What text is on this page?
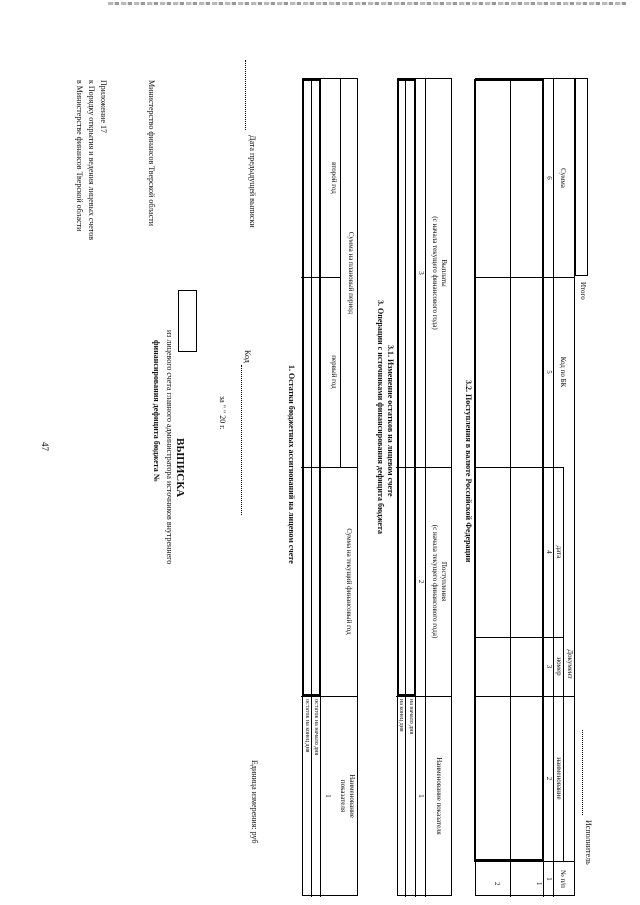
47
Приложение 17
к Порядку открытия и ведения лицевых счетов
в Министерстве финансов Тверской области	Министерство финансов Тверской области
ВЫПИСКА
из лицевого счета главного администратора источников внутреннего
финансирования дефицита бюджета №	за " " 20 г.
Код
Дата предыдущей выписки
Единица измерения: руб
1. Остатки бюджетных ассигнований на лицевом счете
Наименование
показателя
1
Сумма на текущий финансовый год
Сумма на плановый период
первый год
второй год
остаток на начало дня
остаток на конец дня
3. Операции с источниками финансирования дефицита бюджета 3.1. Изменение остатков на лицевом счете
Наименование показателя
Поступления
(с начала текущего финансового года)
Выплаты
(с начала текущего финансового года)
1
2
3
на начало дня
на конец дня
3.2. Поступления в валюте Российской Федерации
№ п/п
Документ
наименование
номер
дата
Код по БК
Сумма
1
2
3
4
5
6
1
2
Итого
Исполнитель
